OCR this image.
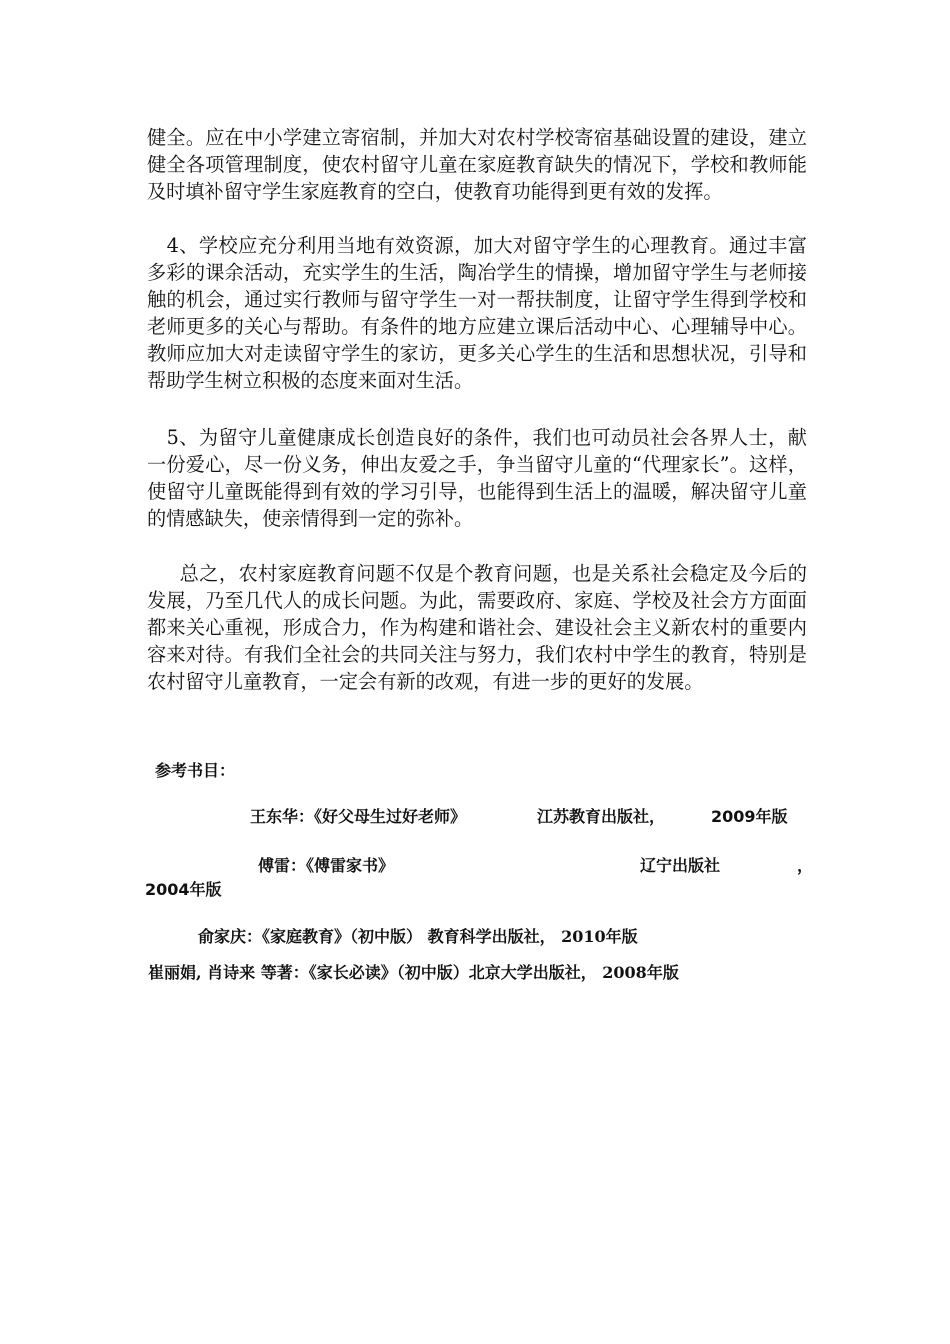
健全。应在中小学建立寄宿制，并加大对农村学校寄宿基础设置的建设，建立健全各项管理制度，使农村留守儿童在家庭教育缺失的情况下，学校和教师能及时填补留守学生家庭教育的空白，使教育功能得到更有效的发挥。

4、学校应充分利用当地有效资源，加大对留守学生的心理教育。通过丰富多彩的课余活动，充实学生的生活，陶冶学生的情操，增加留守学生与老师接触的机会，通过实行教师与留守学生一对一帮扶制度，让留守学生得到学校和老师更多的关心与帮助。有条件的地方应建立课后活动中心、心理辅导中心。教师应加大对走读留守学生的家访，更多关心学生的生活和思想状况，引导和帮助学生树立积极的态度来面对生活。

5、为留守儿童健康成长创造良好的条件，我们也可动员社会各界人士，献一份爱心，尽一份义务，伸出友爱之手，争当留守儿童的“代理家长”。这样，使留守儿童既能得到有效的学习引导，也能得到生活上的温暖，解决留守儿童的情感缺失，使亲情得到一定的弥补。

总之，农村家庭教育问题不仅是个教育问题，也是关系社会稳定及今后的发展，乃至几代人的成长问题。为此，需要政府、家庭、学校及社会方方面面都来关心重视，形成合力，作为构建和谐社会、建设社会主义新农村的重要内容来对待。有我们全社会的共同关注与努力，我们农村中学生的教育，特别是农村留守儿童教育，一定会有新的改观，有进一步的更好的发展。

参考书目：

王东华：《好父母生过好老师》	江苏教育出版社，	2009年版

傅雷：《傅雷家书》	辽宁出版社	，

2004年版

俞家庆：《家庭教育》（初中版） 教育科学出版社， 2010年版

崔丽娟, 肖诗来 等著：《家长必读》（初中版）北京大学出版社， 2008年版
